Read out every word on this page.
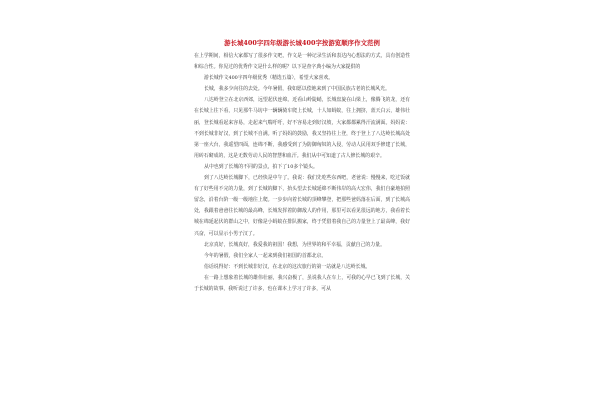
游长城400字四年级游长城400字按游览顺序作文范例

在上学期间，相信大家都写了很多作文吧，作文是一种记录生活和表达内心想法的方式，具有创造性和综合性。你见过的优秀作文是什么样的呢？以下是查字典小编为大家提供的

游长城作文400字四年级优秀（精选五篇），希望大家喜欢。

长城，我多少向往的去处。今年暑假，我如愿以偿地来到了中国民族古老的长城风光。

八达岭登立在北京西郊，远望起伏连绵。近看山岭陡峭，长城盘旋在山梁上，像腾飞的龙，还有在长城上往下看，只见那牛马坊中一辆辆骑车爬上长城，十人如蚂蚁，往上拥挤，蓝天白云，雄伟壮丽，登长城看起来容易，走起来气喘吁吁，好不容易走到好汉坡，大家都都累得汗流满面。妈妈说：不到长城非好汉，到了长城不自满。听了妈妈的鼓励，我又坚持往上登，终于登上了八达岭长城高处第一座大台，我遥望四面，连绵不断，我感受到了为防御匈奴的入侵，劳动人民用双手修建了长城，用砖石砌成的，这是无数劳动人民的智慧和血汗。我们从中可知道了古人修长城的艰辛。

从中也到了长城的不同的景点，拍下了10多个镜头。

到了八达岭长城脚下，已经快是中午了。我说：我们先吃些东西吧，老爸说：慢慢来，吃过饭就有了好些用不完的力量，到了长城的脚下，抬头望去长城延绵不断伟岸的高大宏伟，我们自豪地拍照留念，沿着台阶一级一级地往上爬。一步步向着长城的顶峰攀登，把那些爸妈落在后面，到了长城高处，我跟着爸爸往长城的最高峰，长城发挥着防御敌人的作用，那里可以看见很远的地方，我看着长城在绵延起伏的群山之中，好像是小蚂蚁在排队搬家，终于凭借着我自己的力量登上了最高峰，我好兴奋，可以显示小男子汉了。

北京真好，长城真好，我爱我的祖国！我想，为世界的和平幸福，贡献自己的力量。

今年的暑假，我们全家人一起来到我们祖国的首都北京。

俗话说得好：不到长城非好汉，在北京的这次旅行的第一站就是八达岭长城。

在一路上想象着长城的雄伟壮丽，我兴奋极了，虽说我人在车上，可我的心早已飞到了长城，关于长城的故事，我听说过了许多，也在课本上学习了许多，可从
